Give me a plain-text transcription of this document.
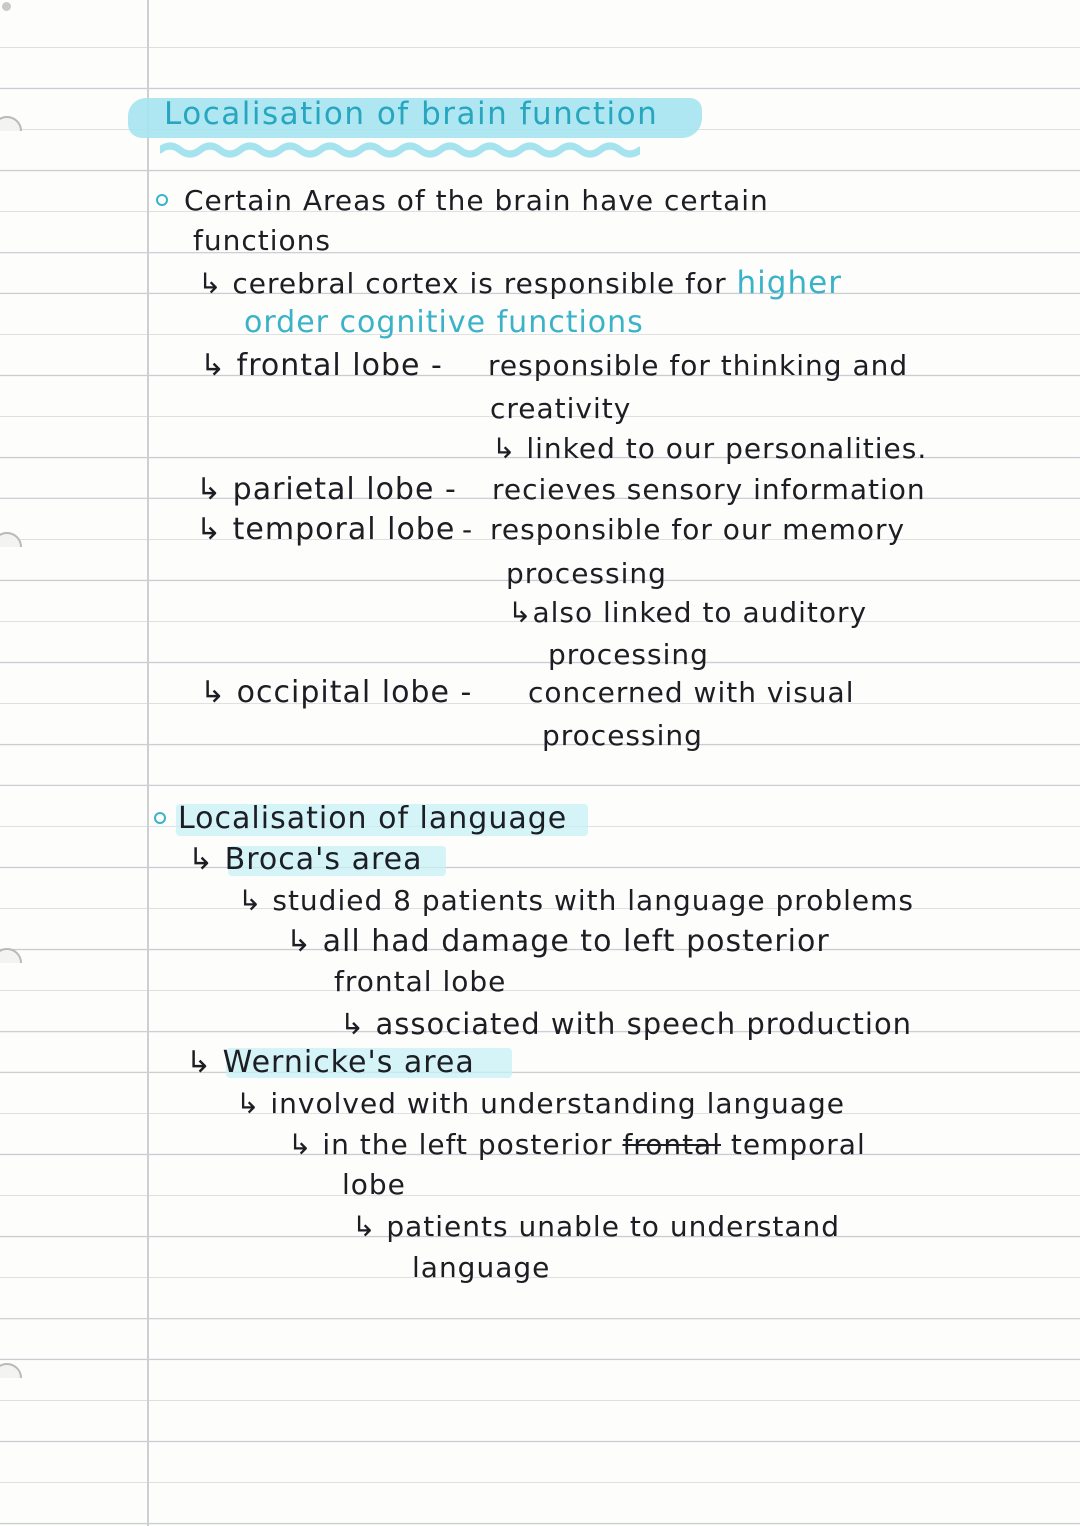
Localisation of brain function
Certain Areas of the brain have certain
functions
↳ cerebral cortex is responsible for higher
order cognitive functions
↳ frontal lobe - responsible for thinking and
creativity
↳ linked to our personalities.
↳ parietal lobe - recieves sensory information
↳ temporal lobe - responsible for our memory
processing
↳also linked to auditory
processing
↳ occipital lobe - concerned with visual
processing
Localisation of language
↳ Broca's area
↳ studied 8 patients with language problems
↳ all had damage to left posterior
frontal lobe
↳ associated with speech production
↳ Wernicke's area
↳ involved with understanding language
↳ in the left posterior frontal temporal
lobe
↳ patients unable to understand
language
